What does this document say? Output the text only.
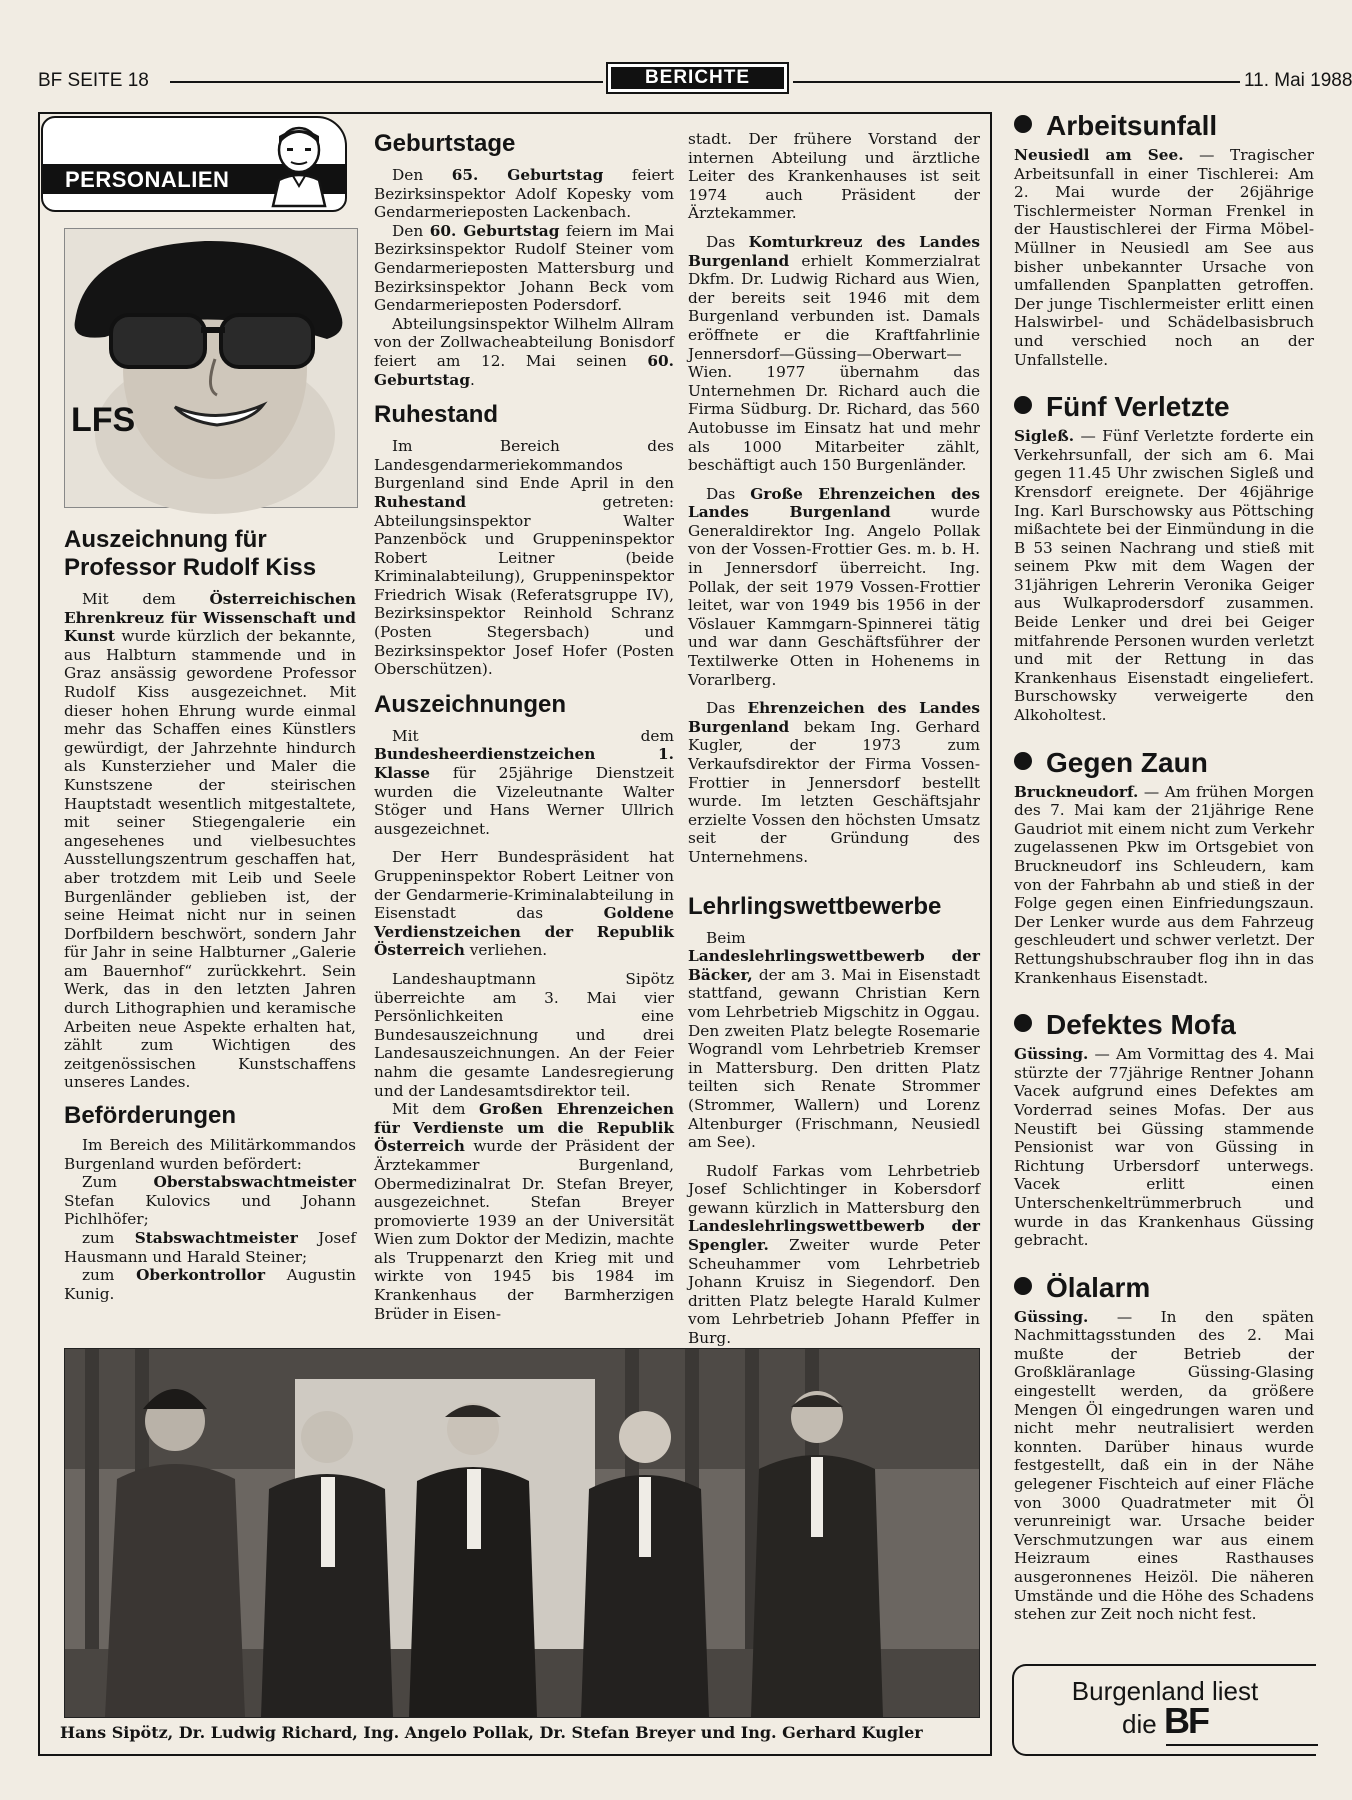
BF SEITE 18	BERICHTE	11. Mai 1988
PERSONALIEN
LFS
Auszeichnung für Professor Rudolf Kiss

Mit dem Österreichischen Ehrenkreuz für Wissenschaft und Kunst wurde kürzlich der bekannte, aus Halbturn stammende und in Graz ansässig gewordene Professor Rudolf Kiss ausgezeichnet. Mit dieser hohen Ehrung wurde einmal mehr das Schaffen eines Künstlers gewürdigt, der Jahrzehnte hindurch als Kunsterzieher und Maler die Kunstszene der steirischen Hauptstadt wesentlich mitgestaltete, mit seiner Stiegengalerie ein angesehenes und vielbesuchtes Ausstellungszentrum geschaffen hat, aber trotzdem mit Leib und Seele Burgenländer geblieben ist, der seine Heimat nicht nur in seinen Dorfbildern beschwört, sondern Jahr für Jahr in seine Halbturner „Galerie am Bauernhof“ zurückkehrt. Sein Werk, das in den letzten Jahren durch Lithographien und keramische Arbeiten neue Aspekte erhalten hat, zählt zum Wichtigen des zeitgenössischen Kunstschaffens unseres Landes.

Beförderungen

Im Bereich des Militärkommandos Burgenland wurden befördert:

Zum Oberstabswachtmeister Stefan Kulovics und Johann Pichlhöfer;

zum Stabswachtmeister Josef Hausmann und Harald Steiner;

zum Oberkontrollor Augustin Kunig.

Geburtstage

Den 65. Geburtstag feiert Bezirksinspektor Adolf Kopesky vom Gendarmerieposten Lackenbach.

Den 60. Geburtstag feiern im Mai Bezirksinspektor Rudolf Steiner vom Gendarmerieposten Mattersburg und Bezirksinspektor Johann Beck vom Gendarmerieposten Podersdorf.

Abteilungsinspektor Wilhelm Allram von der Zollwacheabteilung Bonisdorf feiert am 12. Mai seinen 60. Geburtstag.

Ruhestand

Im Bereich des Landesgendarmeriekommandos Burgenland sind Ende April in den Ruhestand getreten: Abteilungsinspektor Walter Panzenböck und Gruppeninspektor Robert Leitner (beide Kriminalabteilung), Gruppeninspektor Friedrich Wisak (Referatsgruppe IV), Bezirksinspektor Reinhold Schranz (Posten Stegersbach) und Bezirksinspektor Josef Hofer (Posten Oberschützen).

Auszeichnungen

Mit dem Bundesheerdienstzeichen 1. Klasse für 25jährige Dienstzeit wurden die Vizeleutnante Walter Stöger und Hans Werner Ullrich ausgezeichnet.

Der Herr Bundespräsident hat Gruppeninspektor Robert Leitner von der Gendarmerie-Kriminalabteilung in Eisenstadt das Goldene Verdienstzeichen der Republik Österreich verliehen.

Landeshauptmann Sipötz überreichte am 3. Mai vier Persönlichkeiten eine Bundesauszeichnung und drei Landesauszeichnungen. An der Feier nahm die gesamte Landesregierung und der Landesamtsdirektor teil.

Mit dem Großen Ehrenzeichen für Verdienste um die Republik Österreich wurde der Präsident der Ärztekammer Burgenland, Obermedizinalrat Dr. Stefan Breyer, ausgezeichnet. Stefan Breyer promovierte 1939 an der Universität Wien zum Doktor der Medizin, machte als Truppenarzt den Krieg mit und wirkte von 1945 bis 1984 im Krankenhaus der Barmherzigen Brüder in Eisen-

stadt. Der frühere Vorstand der internen Abteilung und ärztliche Leiter des Krankenhauses ist seit 1974 auch Präsident der Ärztekammer.

Das Komturkreuz des Landes Burgenland erhielt Kommerzialrat Dkfm. Dr. Ludwig Richard aus Wien, der bereits seit 1946 mit dem Burgenland verbunden ist. Damals eröffnete er die Kraftfahrlinie Jennersdorf—Güssing—Oberwart—Wien. 1977 übernahm das Unternehmen Dr. Richard auch die Firma Südburg. Dr. Richard, das 560 Autobusse im Einsatz hat und mehr als 1000 Mitarbeiter zählt, beschäftigt auch 150 Burgenländer.

Das Große Ehrenzeichen des Landes Burgenland wurde Generaldirektor Ing. Angelo Pollak von der Vossen-Frottier Ges. m. b. H. in Jennersdorf überreicht. Ing. Pollak, der seit 1979 Vossen-Frottier leitet, war von 1949 bis 1956 in der Vöslauer Kammgarn-Spinnerei tätig und war dann Geschäftsführer der Textilwerke Otten in Hohenems in Vorarlberg.

Das Ehrenzeichen des Landes Burgenland bekam Ing. Gerhard Kugler, der 1973 zum Verkaufsdirektor der Firma Vossen-Frottier in Jennersdorf bestellt wurde. Im letzten Geschäftsjahr erzielte Vossen den höchsten Umsatz seit der Gründung des Unternehmens.

Lehrlingswettbewerbe

Beim Landeslehrlingswettbewerb der Bäcker, der am 3. Mai in Eisenstadt stattfand, gewann Christian Kern vom Lehrbetrieb Migschitz in Oggau. Den zweiten Platz belegte Rosemarie Wograndl vom Lehrbetrieb Kremser in Mattersburg. Den dritten Platz teilten sich Renate Strommer (Strommer, Wallern) und Lorenz Altenburger (Frischmann, Neusiedl am See).

Rudolf Farkas vom Lehrbetrieb Josef Schlichtinger in Kobersdorf gewann kürzlich in Mattersburg den Landeslehrlingswettbewerb der Spengler. Zweiter wurde Peter Scheuhammer vom Lehrbetrieb Johann Kruisz in Siegendorf. Den dritten Platz belegte Harald Kulmer vom Lehrbetrieb Johann Pfeffer in Burg.

Arbeitsunfall

Neusiedl am See. — Tragischer Arbeitsunfall in einer Tischlerei: Am 2. Mai wurde der 26jährige Tischlermeister Norman Frenkel in der Haustischlerei der Firma Möbel-Müllner in Neusiedl am See aus bisher unbekannter Ursache von umfallenden Spanplatten getroffen. Der junge Tischlermeister erlitt einen Halswirbel- und Schädelbasisbruch und verschied noch an der Unfallstelle.

Fünf Verletzte

Sigleß. — Fünf Verletzte forderte ein Verkehrsunfall, der sich am 6. Mai gegen 11.45 Uhr zwischen Sigleß und Krensdorf ereignete. Der 46jährige Ing. Karl Burschowsky aus Pöttsching mißachtete bei der Einmündung in die B 53 seinen Nachrang und stieß mit seinem Pkw mit dem Wagen der 31jährigen Lehrerin Veronika Geiger aus Wulkaprodersdorf zusammen. Beide Lenker und drei bei Geiger mitfahrende Personen wurden verletzt und mit der Rettung in das Krankenhaus Eisenstadt eingeliefert. Burschowsky verweigerte den Alkoholtest.

Gegen Zaun

Bruckneudorf. — Am frühen Morgen des 7. Mai kam der 21jährige Rene Gaudriot mit einem nicht zum Verkehr zugelassenen Pkw im Ortsgebiet von Bruckneudorf ins Schleudern, kam von der Fahrbahn ab und stieß in der Folge gegen einen Einfriedungszaun. Der Lenker wurde aus dem Fahrzeug geschleudert und schwer verletzt. Der Rettungshubschrauber flog ihn in das Krankenhaus Eisenstadt.

Defektes Mofa

Güssing. — Am Vormittag des 4. Mai stürzte der 77jährige Rentner Johann Vacek aufgrund eines Defektes am Vorderrad seines Mofas. Der aus Neustift bei Güssing stammende Pensionist war von Güssing in Richtung Urbersdorf unterwegs. Vacek erlitt einen Unterschenkeltrümmerbruch und wurde in das Krankenhaus Güssing gebracht.

Ölalarm

Güssing. — In den späten Nachmittagsstunden des 2. Mai mußte der Betrieb der Großkläranlage Güssing-Glasing eingestellt werden, da größere Mengen Öl eingedrungen waren und nicht mehr neutralisiert werden konnten. Darüber hinaus wurde festgestellt, daß ein in der Nähe gelegener Fischteich auf einer Fläche von 3000 Quadratmeter mit Öl verunreinigt war. Ursache beider Verschmutzungen war aus einem Heizraum eines Rasthauses ausgeronnenes Heizöl. Die näheren Umstände und die Höhe des Schadens stehen zur Zeit noch nicht fest.

Hans Sipötz, Dr. Ludwig Richard, Ing. Angelo Pollak, Dr. Stefan Breyer und Ing. Gerhard Kugler
Burgenland liest
die BF
